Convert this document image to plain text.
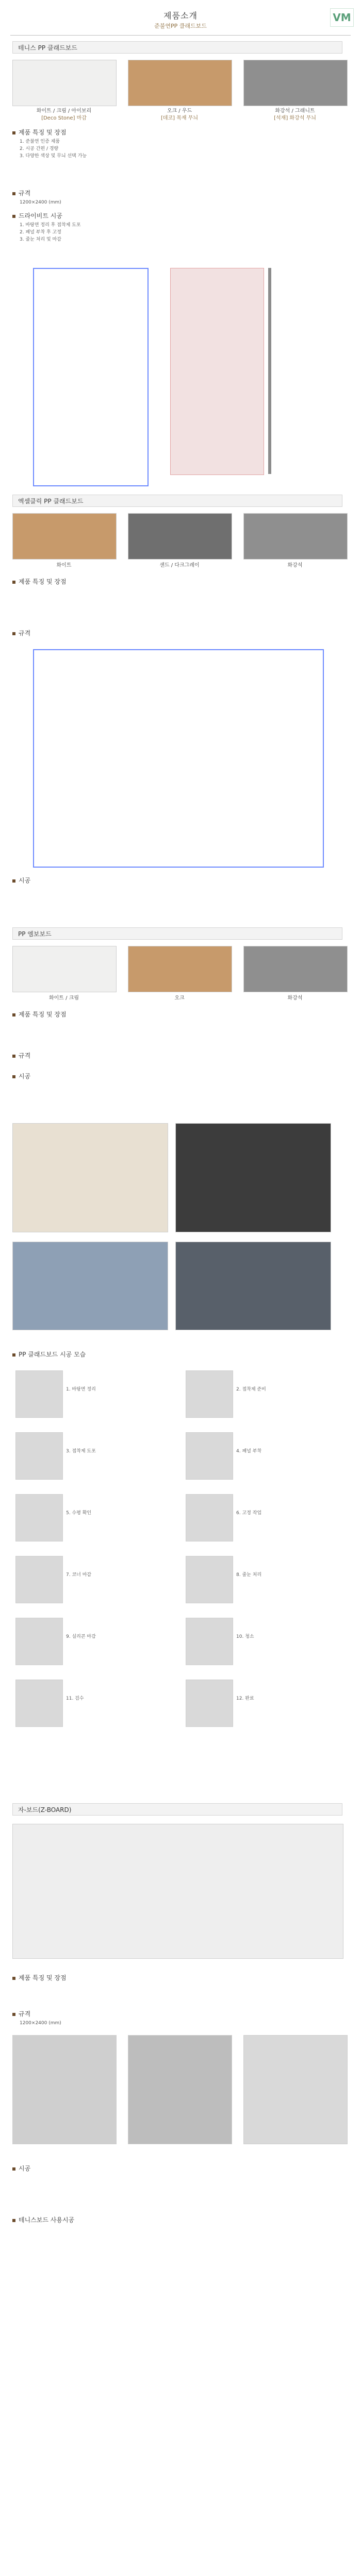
제품소개
준불연PP 클래드보드
ⅤM
테니스 PP 클래드보드
화이트 / 크림 / 아이보리	오크 / 우드	화강석 / 그래니트
[Deco Stone] 마감	[데코] 목재 무늬	[석재] 화강석 무늬
제품 특징 및 장점
1. 준불연 인증 제품
2. 시공 간편 / 경량
3. 다양한 색상 및 무늬 선택 가능
규격
1200×2400 (mm)
드라이비트 시공
1. 바탕면 정리 후 접착제 도포
2. 패널 부착 후 고정
3. 줄눈 처리 및 마감
엑셀클릭 PP 클래드보드
화이트	샌드 / 다크그레이	화강석
제품 특징 및 장점
규격
시공
PP 엠보보드
화이트 / 크림	오크	화강석
제품 특징 및 장점
규격
시공
PP 클래드보드 시공 모습
1. 바탕면 정리	2. 접착제 준비
3. 접착제 도포	4. 패널 부착
5. 수평 확인	6. 고정 작업
7. 코너 마감	8. 줄눈 처리
9. 실리콘 마감	10. 청소
11. 검수	12. 완료
자-보드(Z-BOARD)
제품 특징 및 장점
규격
1200×2400 (mm)
시공
테니스보드 사용시공
